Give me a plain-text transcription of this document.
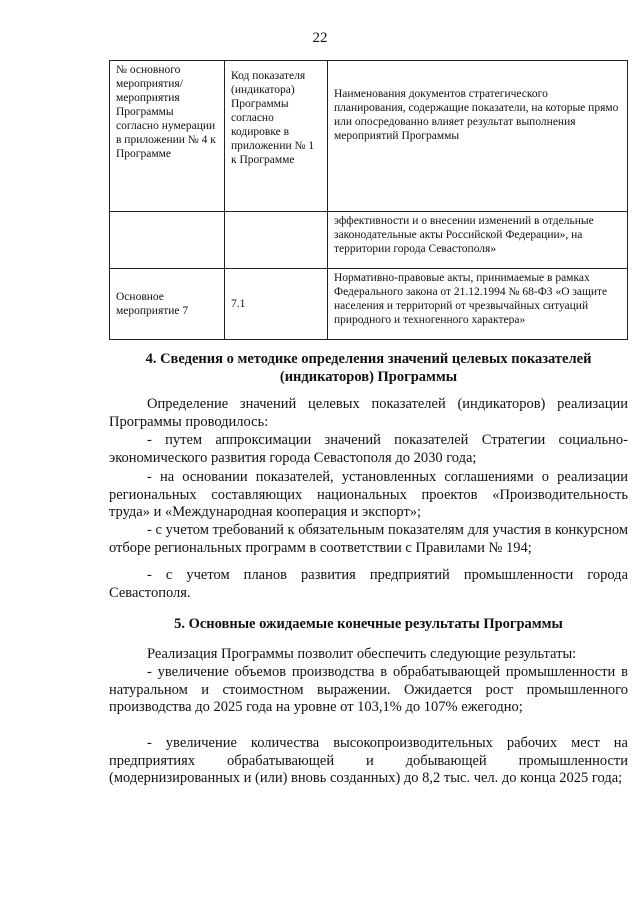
22
№ основного мероприятия/ мероприятия Программы согласно нумерации в приложении № 4 к Программе	Код показателя (индикатора) Программы согласно кодировке в приложении № 1 к Программе	Наименования документов стратегического планирования, содержащие показатели, на которые прямо или опосредованно влияет результат выполнения мероприятий Программы
		эффективности и о внесении изменений в отдельные законодательные акты Российской Федерации», на территории города Севастополя»
Основное мероприятие 7	7.1	Нормативно-правовые акты, принимаемые в рамках Федерального закона от 21.12.1994 № 68-ФЗ «О защите населения и территорий от чрезвычайных ситуаций природного и техногенного характера»
4. Сведения о методике определения значений целевых показателей (индикаторов) Программы
Определение значений целевых показателей (индикаторов) реализации Программы проводилось:
- путем аппроксимации значений показателей Стратегии социально-экономического развития города Севастополя до 2030 года;
- на основании показателей, установленных соглашениями о реализации региональных составляющих национальных проектов «Производительность труда» и «Международная кооперация и экспорт»;
- с учетом требований к обязательным показателям для участия в конкурсном отборе региональных программ в соответствии с Правилами № 194;
- с учетом планов развития предприятий промышленности города Севастополя.
5. Основные ожидаемые конечные результаты Программы
Реализация Программы позволит обеспечить следующие результаты:
- увеличение объемов производства в обрабатывающей промышленности в натуральном и стоимостном выражении. Ожидается рост промышленного производства до 2025 года на уровне от 103,1% до 107% ежегодно;
- увеличение количества высокопроизводительных рабочих мест на предприятиях обрабатывающей и добывающей промышленности (модернизированных и (или) вновь созданных) до 8,2 тыс. чел. до конца 2025 года;
